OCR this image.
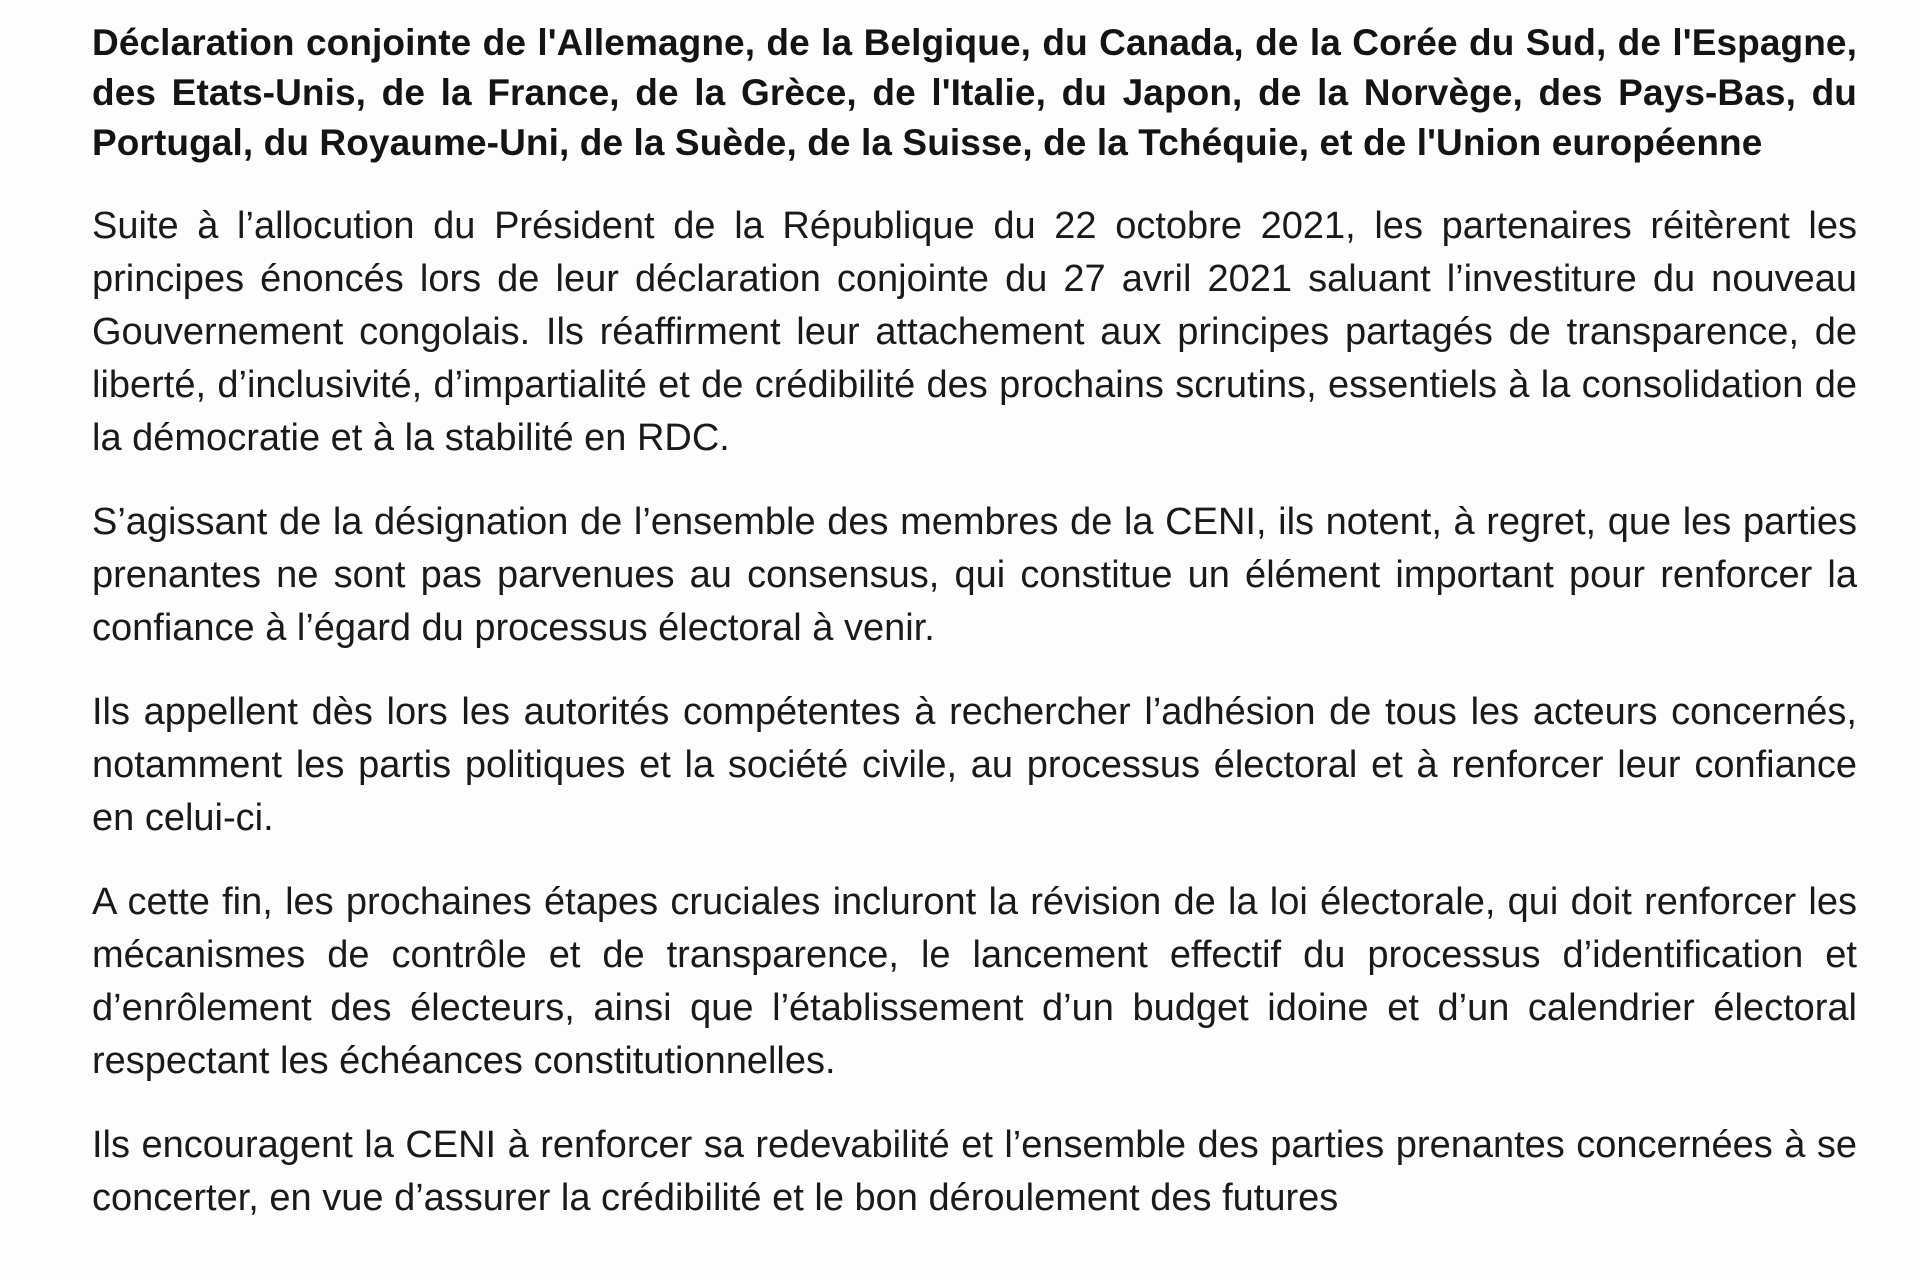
Déclaration conjointe de l'Allemagne, de la Belgique, du Canada, de la Corée du Sud, de l'Espagne, des Etats-Unis, de la France, de la Grèce, de l'Italie, du Japon, de la Norvège, des Pays-Bas, du Portugal, du Royaume-Uni, de la Suède, de la Suisse, de la Tchéquie, et de l'Union européenne

Suite à l’allocution du Président de la République du 22 octobre 2021, les partenaires réitèrent les principes énoncés lors de leur déclaration conjointe du 27 avril 2021 saluant l’investiture du nouveau Gouvernement congolais. Ils réaffirment leur attachement aux principes partagés de transparence, de liberté, d’inclusivité, d’impartialité et de crédibilité des prochains scrutins, essentiels à la consolidation de la démocratie et à la stabilité en RDC.

S’agissant de la désignation de l’ensemble des membres de la CENI, ils notent, à regret, que les parties prenantes ne sont pas parvenues au consensus, qui constitue un élément important pour renforcer la confiance à l’égard du processus électoral à venir.

Ils appellent dès lors les autorités compétentes à rechercher l’adhésion de tous les acteurs concernés, notamment les partis politiques et la société civile, au processus électoral et à renforcer leur confiance en celui-ci.

A cette fin, les prochaines étapes cruciales incluront la révision de la loi électorale, qui doit renforcer les mécanismes de contrôle et de transparence, le lancement effectif du processus d’identification et d’enrôlement des électeurs, ainsi que l’établissement d’un budget idoine et d’un calendrier électoral respectant les échéances constitutionnelles.

Ils encouragent la CENI à renforcer sa redevabilité et l’ensemble des parties prenantes concernées à se concerter, en vue d’assurer la crédibilité et le bon déroulement des futures
